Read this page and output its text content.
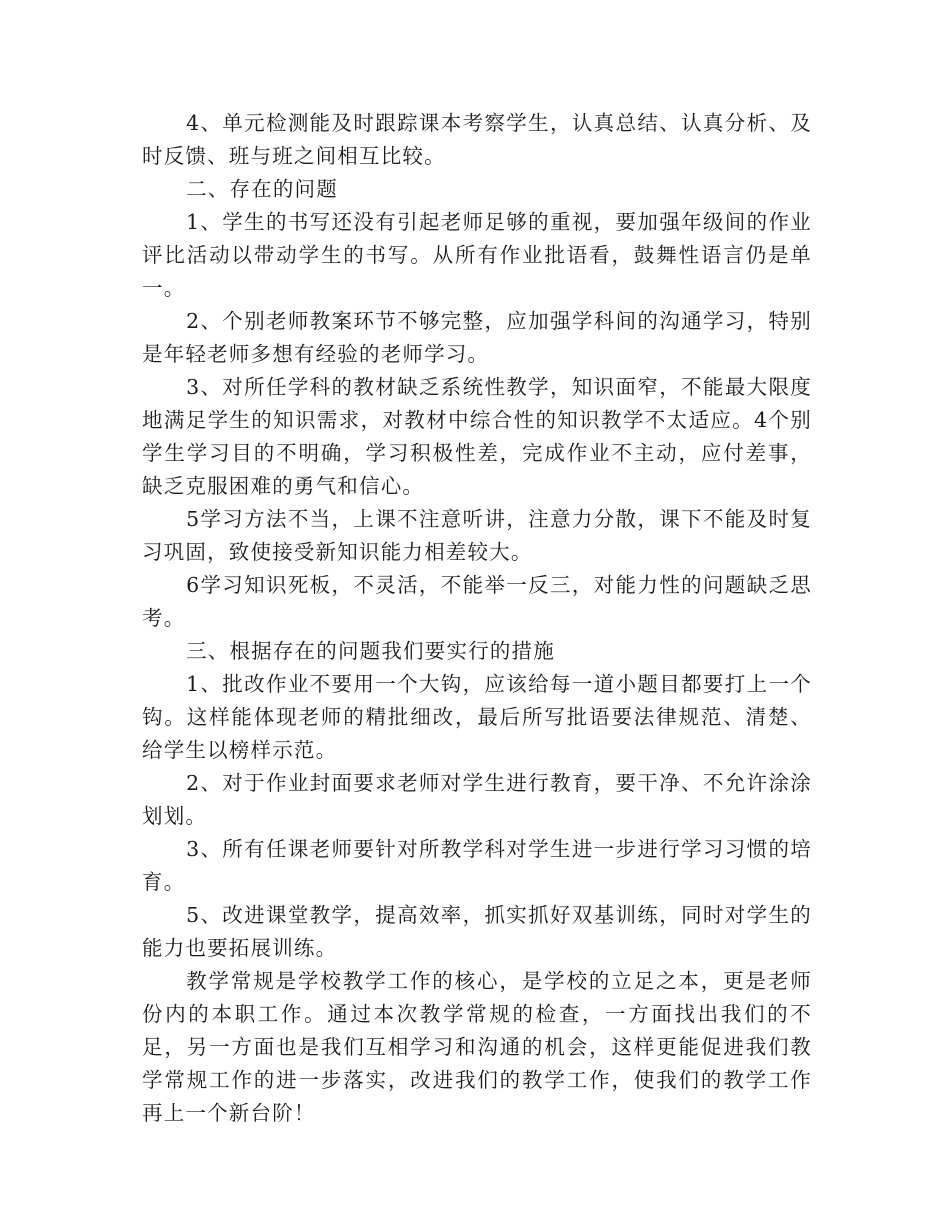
4、单元检测能及时跟踪课本考察学生，认真总结、认真分析、及时反馈、班与班之间相互比较。

二、存在的问题

1、学生的书写还没有引起老师足够的重视，要加强年级间的作业评比活动以带动学生的书写。从所有作业批语看，鼓舞性语言仍是单一。

2、个别老师教案环节不够完整，应加强学科间的沟通学习，特别是年轻老师多想有经验的老师学习。

3、对所任学科的教材缺乏系统性教学，知识面窄，不能最大限度地满足学生的知识需求，对教材中综合性的知识教学不太适应。4个别学生学习目的不明确，学习积极性差，完成作业不主动，应付差事，缺乏克服困难的勇气和信心。

5学习方法不当，上课不注意听讲，注意力分散，课下不能及时复习巩固，致使接受新知识能力相差较大。

6学习知识死板，不灵活，不能举一反三，对能力性的问题缺乏思考。

三、根据存在的问题我们要实行的措施

1、批改作业不要用一个大钩，应该给每一道小题目都要打上一个钩。这样能体现老师的精批细改，最后所写批语要法律规范、清楚、给学生以榜样示范。

2、对于作业封面要求老师对学生进行教育，要干净、不允许涂涂划划。

3、所有任课老师要针对所教学科对学生进一步进行学习习惯的培育。

5、改进课堂教学，提高效率，抓实抓好双基训练，同时对学生的能力也要拓展训练。

教学常规是学校教学工作的核心，是学校的立足之本，更是老师份内的本职工作。通过本次教学常规的检查，一方面找出我们的不足，另一方面也是我们互相学习和沟通的机会，这样更能促进我们教学常规工作的进一步落实，改进我们的教学工作，使我们的教学工作再上一个新台阶！
